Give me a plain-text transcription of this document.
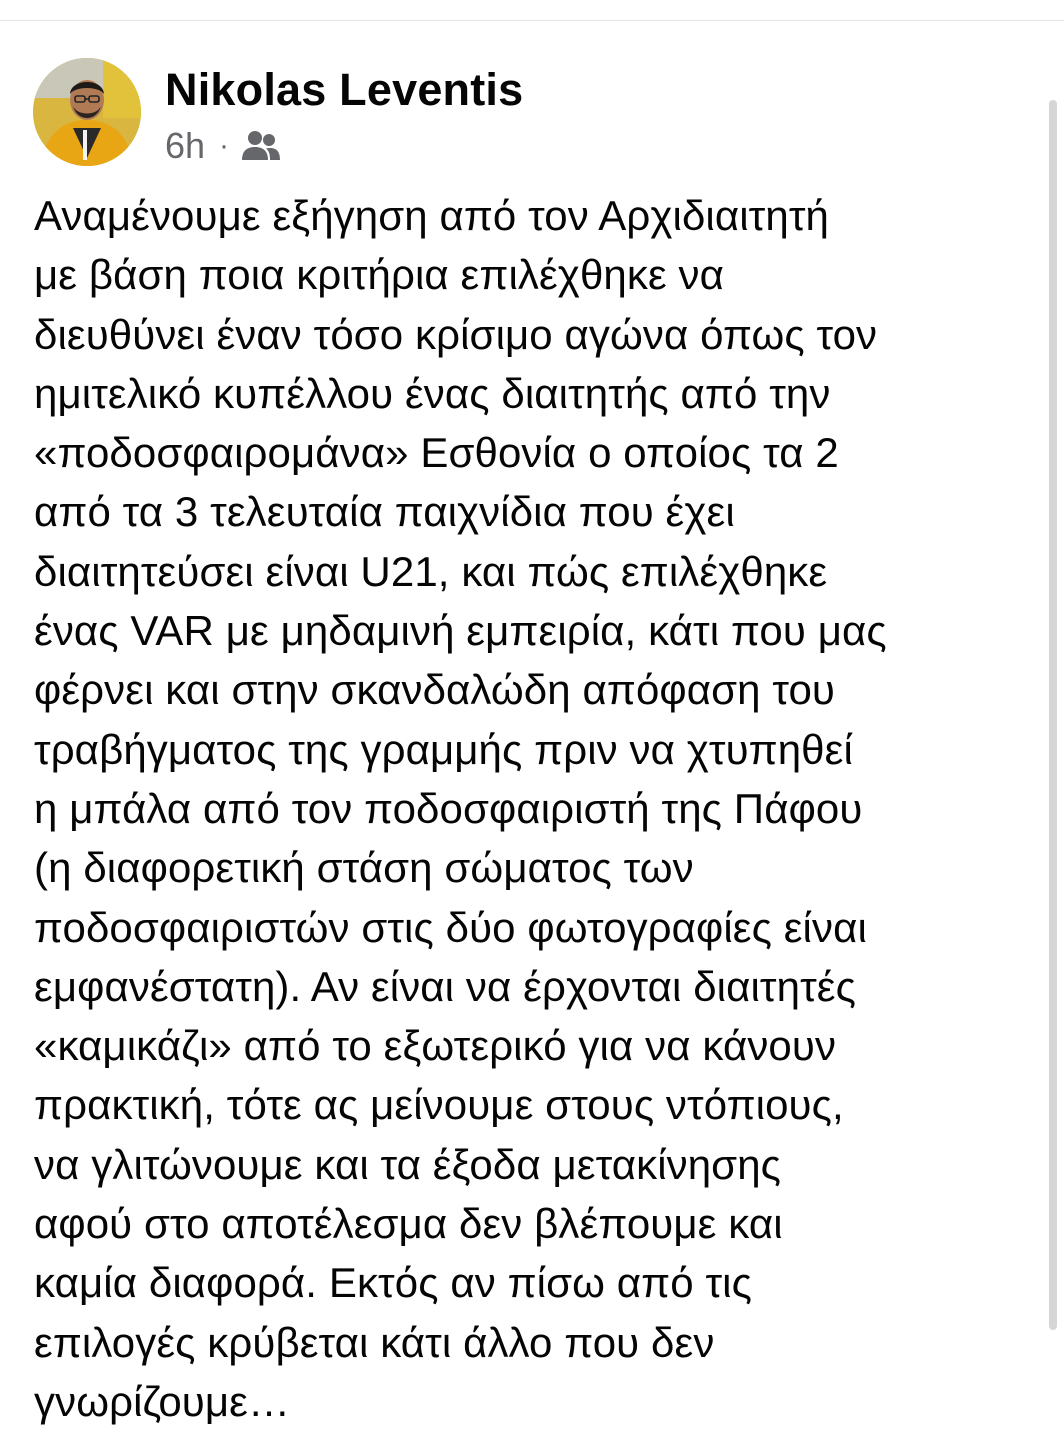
Nikolas Leventis
6h ·
Αναμένουμε εξήγηση από τον Αρχιδιαιτητή
με βάση ποια κριτήρια επιλέχθηκε να
διευθύνει έναν τόσο κρίσιμο αγώνα όπως τον
ημιτελικό κυπέλλου ένας διαιτητής από την
«ποδοσφαιρομάνα» Εσθονία ο οποίος τα 2
από τα 3 τελευταία παιχνίδια που έχει
διαιτητεύσει είναι U21, και πώς επιλέχθηκε
ένας VAR με μηδαμινή εμπειρία, κάτι που μας
φέρνει και στην σκανδαλώδη απόφαση του
τραβήγματος της γραμμής πριν να χτυπηθεί
η μπάλα από τον ποδοσφαιριστή της Πάφου
(η διαφορετική στάση σώματος των
ποδοσφαιριστών στις δύο φωτογραφίες είναι
εμφανέστατη). Αν είναι να έρχονται διαιτητές
«καμικάζι» από το εξωτερικό για να κάνουν
πρακτική, τότε ας μείνουμε στους ντόπιους,
να γλιτώνουμε και τα έξοδα μετακίνησης
αφού στο αποτέλεσμα δεν βλέπουμε και
καμία διαφορά. Εκτός αν πίσω από τις
επιλογές κρύβεται κάτι άλλο που δεν
γνωρίζουμε…
